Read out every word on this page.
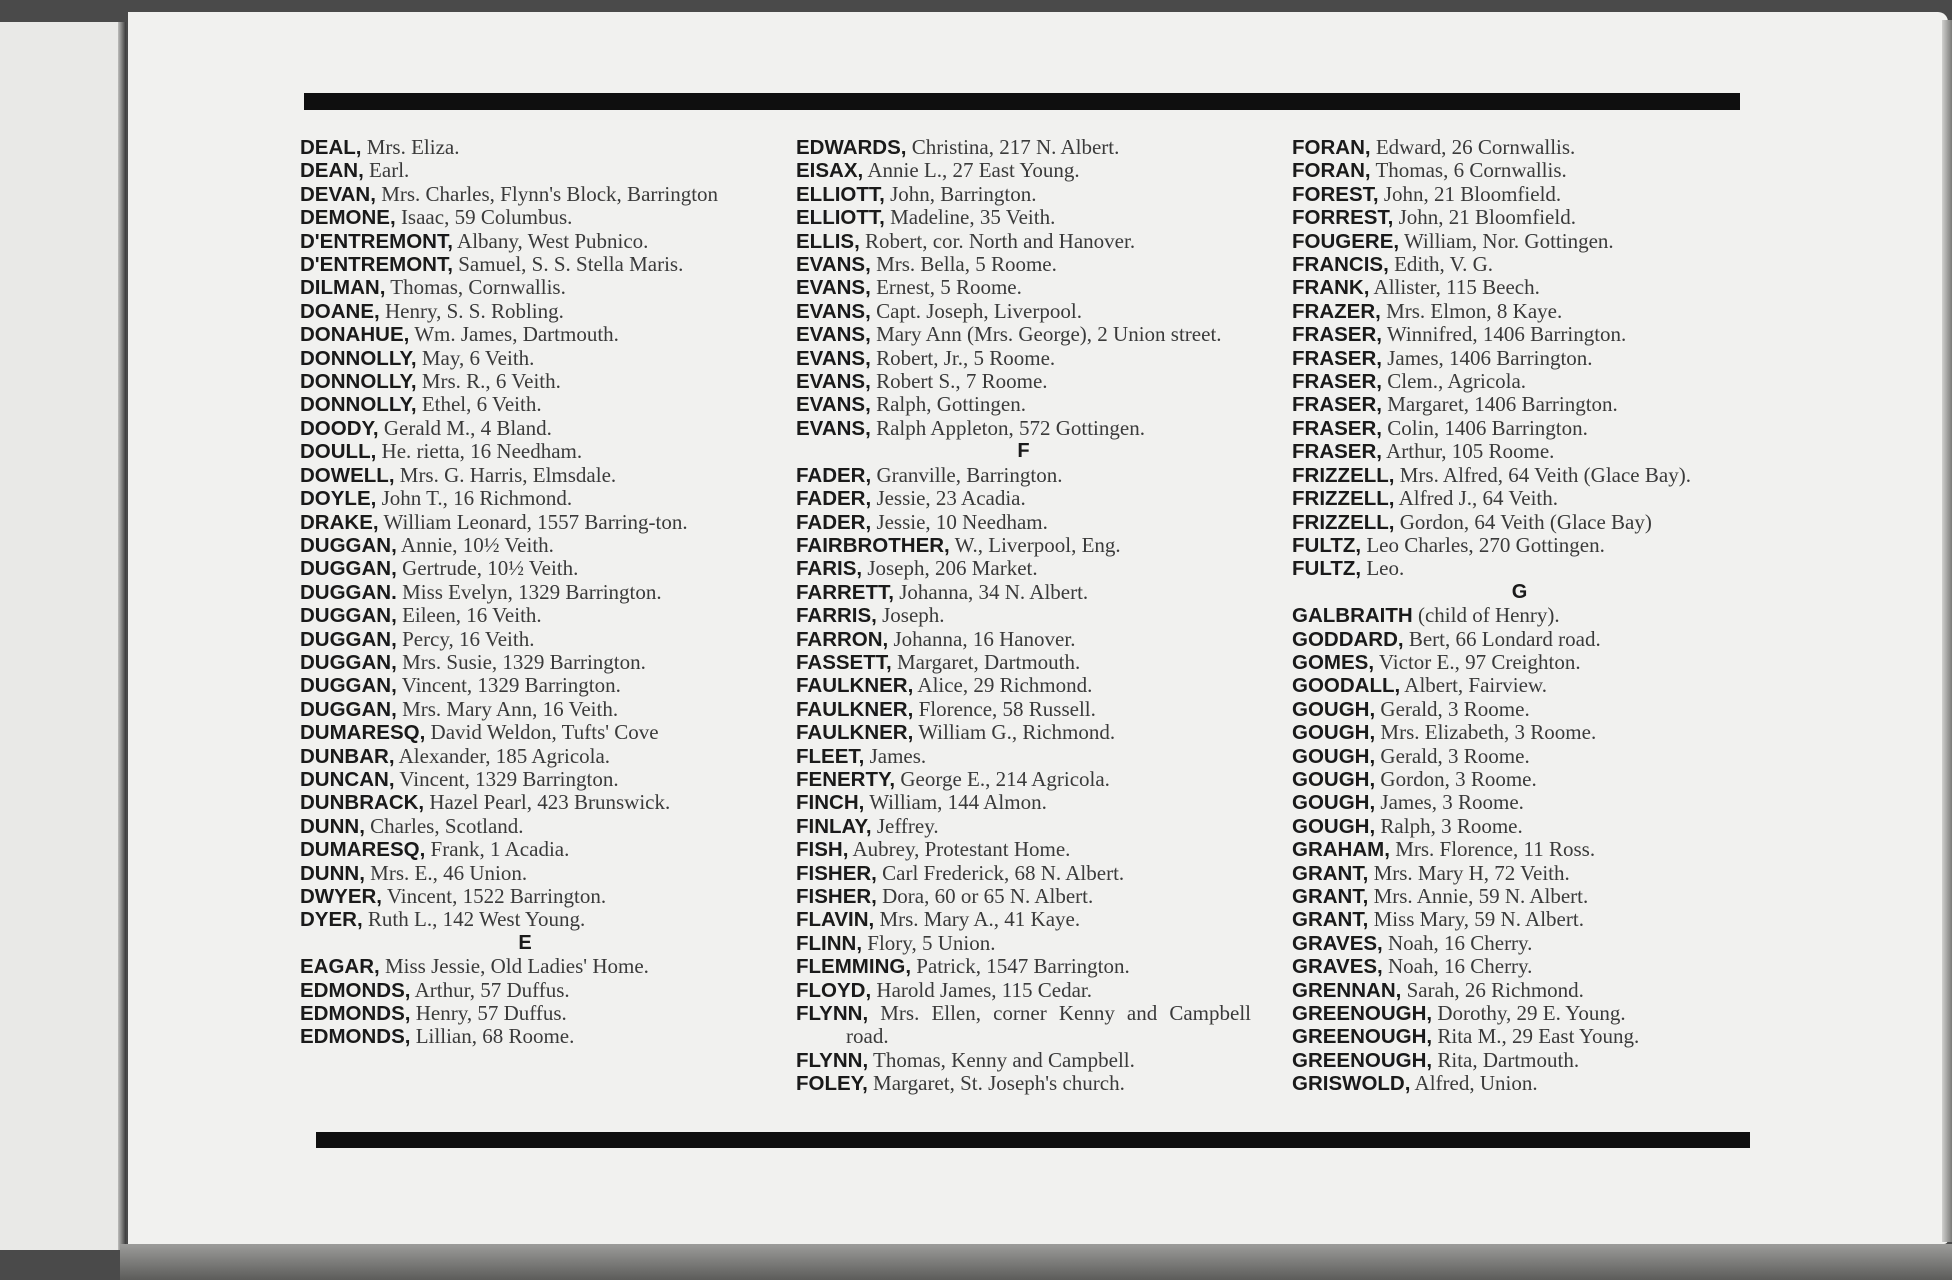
DEAL, Mrs. Eliza.

DEAN, Earl.

DEVAN, Mrs. Charles, Flynn's Block, Barrington

DEMONE, Isaac, 59 Columbus.

D'ENTREMONT, Albany, West Pubnico.

D'ENTREMONT, Samuel, S. S. Stella Maris.

DILMAN, Thomas, Cornwallis.

DOANE, Henry, S. S. Robling.

DONAHUE, Wm. James, Dartmouth.

DONNOLLY, May, 6 Veith.

DONNOLLY, Mrs. R., 6 Veith.

DONNOLLY, Ethel, 6 Veith.

DOODY, Gerald M., 4 Bland.

DOULL, He. rietta, 16 Needham.

DOWELL, Mrs. G. Harris, Elmsdale.

DOYLE, John T., 16 Richmond.

DRAKE, William Leonard, 1557 Barring-ton.

DUGGAN, Annie, 10½ Veith.

DUGGAN, Gertrude, 10½ Veith.

DUGGAN. Miss Evelyn, 1329 Barrington.

DUGGAN, Eileen, 16 Veith.

DUGGAN, Percy, 16 Veith.

DUGGAN, Mrs. Susie, 1329 Barrington.

DUGGAN, Vincent, 1329 Barrington.

DUGGAN, Mrs. Mary Ann, 16 Veith.

DUMARESQ, David Weldon, Tufts' Cove

DUNBAR, Alexander, 185 Agricola.

DUNCAN, Vincent, 1329 Barrington.

DUNBRACK, Hazel Pearl, 423 Brunswick.

DUNN, Charles, Scotland.

DUMARESQ, Frank, 1 Acadia.

DUNN, Mrs. E., 46 Union.

DWYER, Vincent, 1522 Barrington.

DYER, Ruth L., 142 West Young.

E

EAGAR, Miss Jessie, Old Ladies' Home.

EDMONDS, Arthur, 57 Duffus.

EDMONDS, Henry, 57 Duffus.

EDMONDS, Lillian, 68 Roome.

EDWARDS, Christina, 217 N. Albert.

EISAX, Annie L., 27 East Young.

ELLIOTT, John, Barrington.

ELLIOTT, Madeline, 35 Veith.

ELLIS, Robert, cor. North and Hanover.

EVANS, Mrs. Bella, 5 Roome.

EVANS, Ernest, 5 Roome.

EVANS, Capt. Joseph, Liverpool.

EVANS, Mary Ann (Mrs. George), 2 Union street.

EVANS, Robert, Jr., 5 Roome.

EVANS, Robert S., 7 Roome.

EVANS, Ralph, Gottingen.

EVANS, Ralph Appleton, 572 Gottingen.

F

FADER, Granville, Barrington.

FADER, Jessie, 23 Acadia.

FADER, Jessie, 10 Needham.

FAIRBROTHER, W., Liverpool, Eng.

FARIS, Joseph, 206 Market.

FARRETT, Johanna, 34 N. Albert.

FARRIS, Joseph.

FARRON, Johanna, 16 Hanover.

FASSETT, Margaret, Dartmouth.

FAULKNER, Alice, 29 Richmond.

FAULKNER, Florence, 58 Russell.

FAULKNER, William G., Richmond.

FLEET, James.

FENERTY, George E., 214 Agricola.

FINCH, William, 144 Almon.

FINLAY, Jeffrey.

FISH, Aubrey, Protestant Home.

FISHER, Carl Frederick, 68 N. Albert.

FISHER, Dora, 60 or 65 N. Albert.

FLAVIN, Mrs. Mary A., 41 Kaye.

FLINN, Flory, 5 Union.

FLEMMING, Patrick, 1547 Barrington.

FLOYD, Harold James, 115 Cedar.

FLYNN, Mrs. Ellen, corner Kenny and Campbell road.

FLYNN, Thomas, Kenny and Campbell.

FOLEY, Margaret, St. Joseph's church.

FORAN, Edward, 26 Cornwallis.

FORAN, Thomas, 6 Cornwallis.

FOREST, John, 21 Bloomfield.

FORREST, John, 21 Bloomfield.

FOUGERE, William, Nor. Gottingen.

FRANCIS, Edith, V. G.

FRANK, Allister, 115 Beech.

FRAZER, Mrs. Elmon, 8 Kaye.

FRASER, Winnifred, 1406 Barrington.

FRASER, James, 1406 Barrington.

FRASER, Clem., Agricola.

FRASER, Margaret, 1406 Barrington.

FRASER, Colin, 1406 Barrington.

FRASER, Arthur, 105 Roome.

FRIZZELL, Mrs. Alfred, 64 Veith (Glace Bay).

FRIZZELL, Alfred J., 64 Veith.

FRIZZELL, Gordon, 64 Veith (Glace Bay)

FULTZ, Leo Charles, 270 Gottingen.

FULTZ, Leo.

G

GALBRAITH (child of Henry).

GODDARD, Bert, 66 Londard road.

GOMES, Victor E., 97 Creighton.

GOODALL, Albert, Fairview.

GOUGH, Gerald, 3 Roome.

GOUGH, Mrs. Elizabeth, 3 Roome.

GOUGH, Gerald, 3 Roome.

GOUGH, Gordon, 3 Roome.

GOUGH, James, 3 Roome.

GOUGH, Ralph, 3 Roome.

GRAHAM, Mrs. Florence, 11 Ross.

GRANT, Mrs. Mary H, 72 Veith.

GRANT, Mrs. Annie, 59 N. Albert.

GRANT, Miss Mary, 59 N. Albert.

GRAVES, Noah, 16 Cherry.

GRAVES, Noah, 16 Cherry.

GRENNAN, Sarah, 26 Richmond.

GREENOUGH, Dorothy, 29 E. Young.

GREENOUGH, Rita M., 29 East Young.

GREENOUGH, Rita, Dartmouth.

GRISWOLD, Alfred, Union.
